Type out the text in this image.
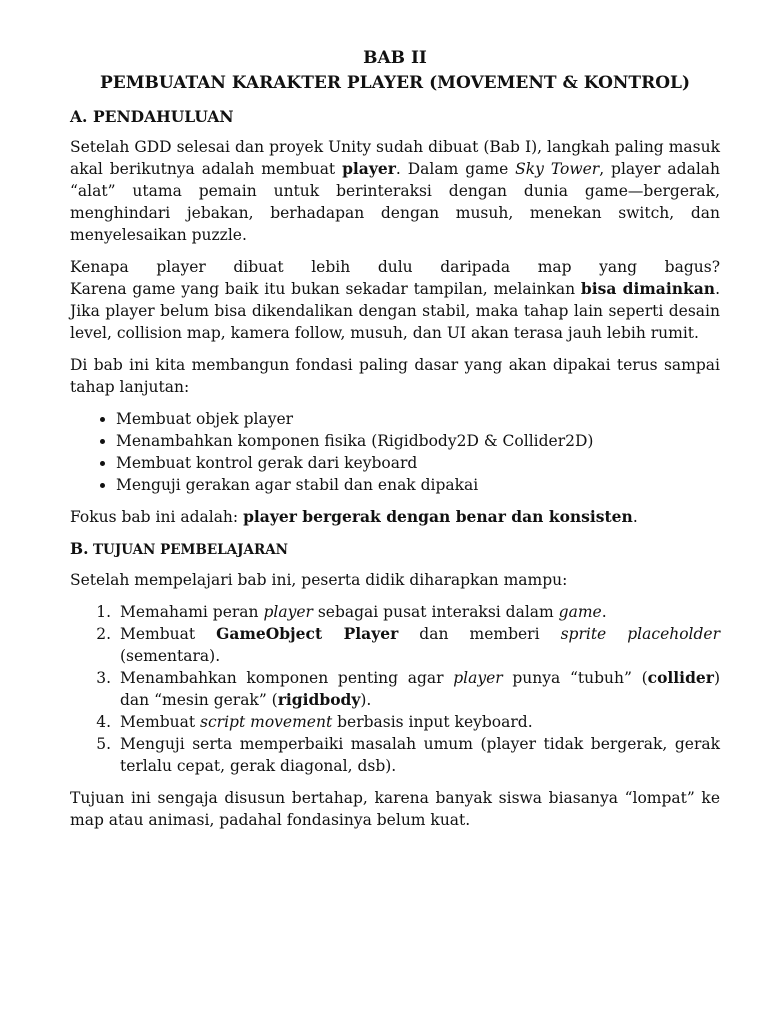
BAB II

PEMBUATAN KARAKTER PLAYER (MOVEMENT & KONTROL)

A. PENDAHULUAN

Setelah GDD selesai dan proyek Unity sudah dibuat (Bab I), langkah paling masuk akal berikutnya adalah membuat player. Dalam game Sky Tower, player adalah “alat” utama pemain untuk berinteraksi dengan dunia game—bergerak, menghindari jebakan, berhadapan dengan musuh, menekan switch, dan menyelesaikan puzzle.

Kenapa player dibuat lebih dulu daripada map yang bagus?

Karena game yang baik itu bukan sekadar tampilan, melainkan bisa dimainkan. Jika player belum bisa dikendalikan dengan stabil, maka tahap lain seperti desain level, collision map, kamera follow, musuh, dan UI akan terasa jauh lebih rumit.

Di bab ini kita membangun fondasi paling dasar yang akan dipakai terus sampai tahap lanjutan:

• Membuat objek player
• Menambahkan komponen fisika (Rigidbody2D & Collider2D)
• Membuat kontrol gerak dari keyboard
• Menguji gerakan agar stabil dan enak dipakai

Fokus bab ini adalah: player bergerak dengan benar dan konsisten.

B. TUJUAN PEMBELAJARAN

Setelah mempelajari bab ini, peserta didik diharapkan mampu:

1. Memahami peran player sebagai pusat interaksi dalam game.
2. Membuat GameObject Player dan memberi sprite placeholder (sementara).
3. Menambahkan komponen penting agar player punya “tubuh” (collider) dan “mesin gerak” (rigidbody).
4. Membuat script movement berbasis input keyboard.
5. Menguji serta memperbaiki masalah umum (player tidak bergerak, gerak terlalu cepat, gerak diagonal, dsb).

Tujuan ini sengaja disusun bertahap, karena banyak siswa biasanya “lompat” ke map atau animasi, padahal fondasinya belum kuat.
